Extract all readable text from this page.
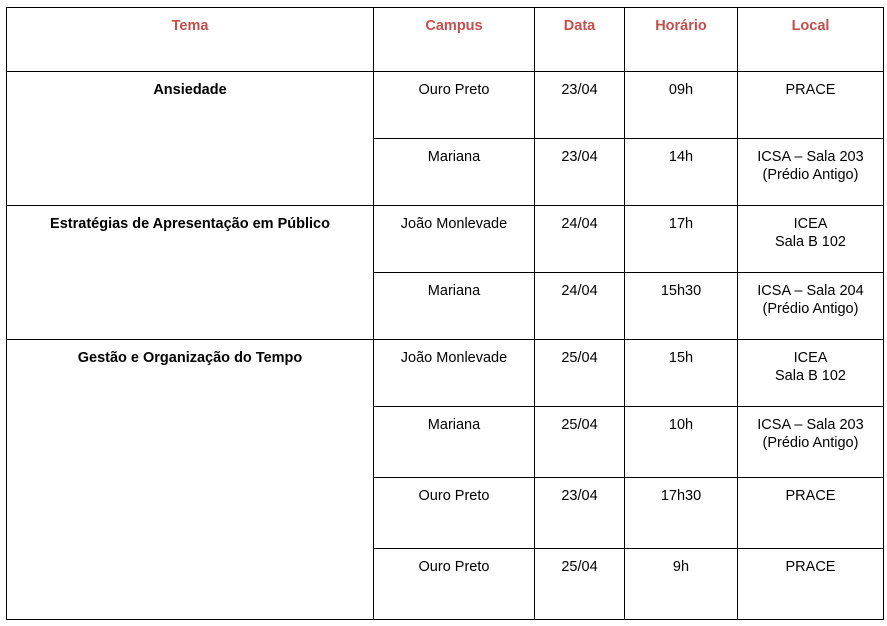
Tema	Campus	Data	Horário	Local
Ansiedade	Ouro Preto	23/04	09h	PRACE

	Mariana	23/04	14h	ICSA – Sala 203
(Prédio Antigo)

Estratégias de Apresentação em Público	João Monlevade	24/04	17h	ICEA
Sala B 102

	Mariana	24/04	15h30	ICSA – Sala 204
(Prédio Antigo)

Gestão e Organização do Tempo	João Monlevade	25/04	15h	ICEA
Sala B 102

	Mariana	25/04	10h	ICSA – Sala 203
(Prédio Antigo)

	Ouro Preto	23/04	17h30	PRACE

	Ouro Preto	25/04	9h	PRACE
